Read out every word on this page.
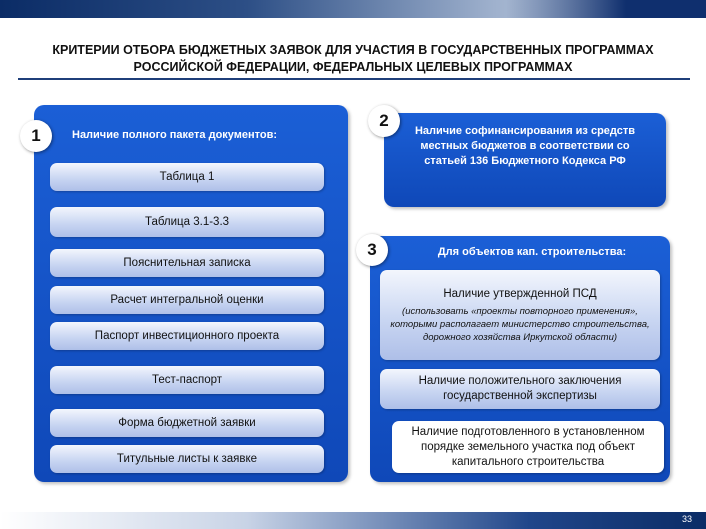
КРИТЕРИИ ОТБОРА БЮДЖЕТНЫХ ЗАЯВОК ДЛЯ УЧАСТИЯ В ГОСУДАРСТВЕННЫХ ПРОГРАММАХ
РОССИЙСКОЙ ФЕДЕРАЦИИ, ФЕДЕРАЛЬНЫХ ЦЕЛЕВЫХ ПРОГРАММАХ
1	Наличие полного пакета документов:
Таблица 1
Таблица 3.1-3.3
Пояснительная записка
Расчет интегральной оценки
Паспорт инвестиционного проекта
Тест-паспорт
Форма бюджетной заявки
Титульные листы к заявке
2
Наличие софинансирования из средств местных бюджетов в соответствии со статьей 136 Бюджетного Кодекса РФ
3	Для объектов кап. строительства:
Наличие утвержденной ПСД
(использовать «проекты повторного применения», которыми располагает министерство строительства, дорожного хозяйства Иркутской области)
Наличие положительного заключения государственной экспертизы
Наличие подготовленного в установленном порядке земельного участка под объект капитального строительства
33
